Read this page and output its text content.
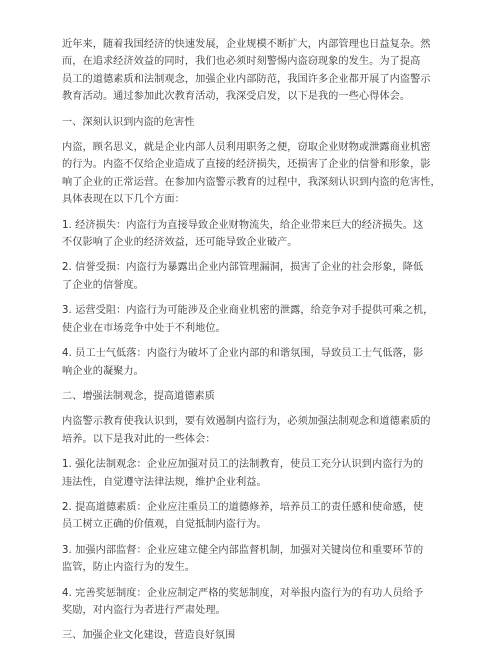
近年来，随着我国经济的快速发展，企业规模不断扩大，内部管理也日益复杂。然
而，在追求经济效益的同时，我们也必须时刻警惕内盗窃现象的发生。为了提高
员工的道德素质和法制观念，加强企业内部防范，我国许多企业都开展了内盗警示
教育活动。通过参加此次教育活动，我深受启发，以下是我的一些心得体会。
一、深刻认识到内盗的危害性
内盗，顾名思义，就是企业内部人员利用职务之便，窃取企业财物或泄露商业机密
的行为。内盗不仅给企业造成了直接的经济损失，还损害了企业的信誉和形象，影
响了企业的正常运营。在参加内盗警示教育的过程中，我深刻认识到内盗的危害性，
具体表现在以下几个方面：
1. 经济损失：内盗行为直接导致企业财物流失，给企业带来巨大的经济损失。这
不仅影响了企业的经济效益，还可能导致企业破产。
2. 信誉受损：内盗行为暴露出企业内部管理漏洞，损害了企业的社会形象，降低
了企业的信誉度。
3. 运营受阻：内盗行为可能涉及企业商业机密的泄露，给竞争对手提供可乘之机，
使企业在市场竞争中处于不利地位。
4. 员工士气低落：内盗行为破坏了企业内部的和谐氛围，导致员工士气低落，影
响企业的凝聚力。
二、增强法制观念，提高道德素质
内盗警示教育使我认识到，要有效遏制内盗行为，必须加强法制观念和道德素质的
培养。以下是我对此的一些体会：
1. 强化法制观念：企业应加强对员工的法制教育，使员工充分认识到内盗行为的
违法性，自觉遵守法律法规，维护企业利益。
2. 提高道德素质：企业应注重员工的道德修养，培养员工的责任感和使命感，使
员工树立正确的价值观，自觉抵制内盗行为。
3. 加强内部监督：企业应建立健全内部监督机制，加强对关键岗位和重要环节的
监管，防止内盗行为的发生。
4. 完善奖惩制度：企业应制定严格的奖惩制度，对举报内盗行为的有功人员给予
奖励，对内盗行为者进行严肃处理。
三、加强企业文化建设，营造良好氛围
